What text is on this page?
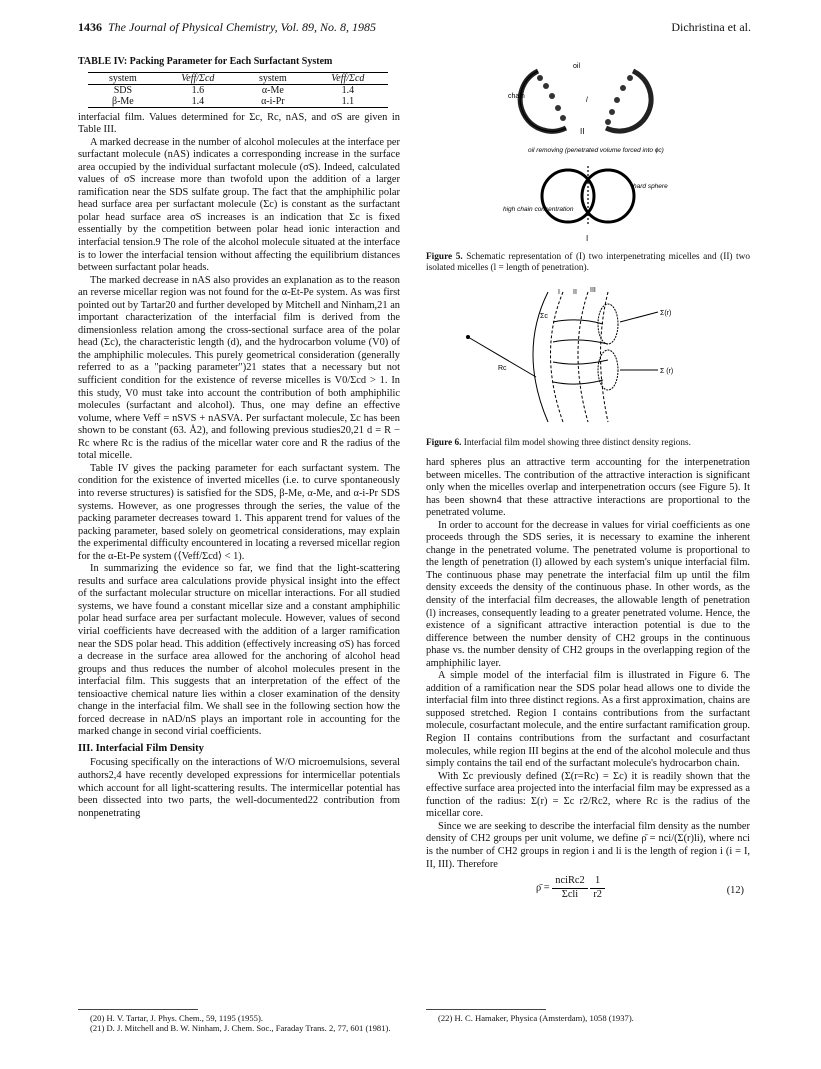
1436 The Journal of Physical Chemistry, Vol. 89, No. 8, 1985	Dichristina et al.
TABLE IV: Packing Parameter for Each Surfactant System
system	Veff/Σcd	system	Veff/Σcd
SDS	1.6	α-Me	1.4
β-Me	1.4	α-i-Pr	1.1

interfacial film. Values determined for Σc, Rc, nAS, and σS are given in Table III.

A marked decrease in the number of alcohol molecules at the interface per surfactant molecule (nAS) indicates a corresponding increase in the surface area occupied by the individual surfactant molecule (σS). Indeed, calculated values of σS increase more than twofold upon the addition of a larger ramification near the SDS sulfate group. The fact that the amphiphilic polar head surface area per surfactant molecule (Σc) is constant as the surfactant polar head surface area σS increases is an indication that Σc is fixed essentially by the competition between polar head ionic interaction and interfacial tension.9 The role of the alcohol molecule situated at the interface is to lower the interfacial tension without affecting the equilibrium distances between surfactant polar heads.

The marked decrease in nAS also provides an explanation as to the reason an reverse micellar region was not found for the α-Et-Pe system. As was first pointed out by Tartar20 and further developed by Mitchell and Ninham,21 an important characterization of the interfacial film is derived from the dimensionless relation among the cross-sectional surface area of the polar head (Σc), the characteristic length (d), and the hydrocarbon volume (V0) of the amphiphilic molecules. This purely geometrical consideration (generally referred to as a "packing parameter")21 states that a necessary but not sufficient condition for the existence of reverse micelles is V0/Σcd > 1. In this study, V0 must take into account the contribution of both amphiphilic molecules (surfactant and alcohol). Thus, one may define an effective volume, where Veff = nSVS + nASVA. Per surfactant molecule, Σc has been shown to be constant (63. Å2), and following previous studies20,21 d = R − Rc where Rc is the radius of the micellar water core and R the radius of the total micelle.

Table IV gives the packing parameter for each surfactant system. The condition for the existence of inverted micelles (i.e. to curve spontaneously into reverse structures) is satisfied for the SDS, β-Me, α-Me, and α-i-Pr SDS systems. However, as one progresses through the series, the value of the packing parameter decreases toward 1. This apparent trend for values of the packing parameter, based solely on geometrical considerations, may explain the experimental difficulty encountered in locating a reversed micellar region for the α-Et-Pe system (⟨Veff/Σcd⟩ < 1).

In summarizing the evidence so far, we find that the light-scattering results and surface area calculations provide physical insight into the effect of the surfactant molecular structure on micellar interactions. For all studied systems, we have found a constant micellar size and a constant amphiphilic polar head surface area per surfactant molecule. However, values of second virial coefficients have decreased with the addition of a larger ramification near the SDS polar head. This addition (effectively increasing σS) has forced a decrease in the surface area allowed for the anchoring of alcohol head groups and thus reduces the number of alcohol molecules present in the interfacial film. This suggests that an interpretation of the effect of the tensioactive chemical nature lies within a closer examination of the density change in the interfacial film. We shall see in the following section how the forced decrease in nAD/nS plays an important role in accounting for the marked change in second virial coefficients.

III. Interfacial Film Density

Focusing specifically on the interactions of W/O microemulsions, several authors2,4 have recently developed expressions for intermicellar potentials which account for all light-scattering results. The intermicellar potential has been dissected into two parts, the well-documented22 contribution from nonpenetrating

(20) H. V. Tartar, J. Phys. Chem., 59, 1195 (1955).
(21) D. J. Mitchell and B. W. Ninham, J. Chem. Soc., Faraday Trans. 2, 77, 601 (1981).
oil
chain
l
II
oil removing (penetrated volume forced into ϕc)
hard sphere
high chain concentration
I

Figure 5. Schematic representation of (I) two interpenetrating micelles and (II) two isolated micelles (l = length of penetration).

I II III
Σ(r)
Σ (r)
Σc
Rc

Figure 6. Interfacial film model showing three distinct density regions.

hard spheres plus an attractive term accounting for the interpenetration between micelles. The contribution of the attractive interaction is significant only when the micelles overlap and interpenetration occurs (see Figure 5). It has been shown4 that these attractive interactions are proportional to the penetrated volume.

In order to account for the decrease in values for virial coefficients as one proceeds through the SDS series, it is necessary to examine the inherent change in the penetrated volume. The penetrated volume is proportional to the length of penetration (l) allowed by each system's unique interfacial film. The continuous phase may penetrate the interfacial film up until the film density exceeds the density of the continuous phase. In other words, as the density of the interfacial film decreases, the allowable length of penetration (l) increases, consequently leading to a greater penetrated volume. Hence, the existence of a significant attractive interaction potential is due to the difference between the number density of CH2 groups in the continuous phase vs. the number density of CH2 groups in the overlapping region of the amphiphilic layer.

A simple model of the interfacial film is illustrated in Figure 6. The addition of a ramification near the SDS polar head allows one to divide the interfacial film into three distinct regions. As a first approximation, chains are supposed stretched. Region I contains contributions from the surfactant molecule, cosurfactant molecule, and the entire surfactant ramification group. Region II contains contributions from the surfactant and cosurfactant molecules, while region III begins at the end of the alcohol molecule and thus simply contains the tail end of the surfactant molecule's hydrocarbon chain.

With Σc previously defined (Σ(r=Rc) = Σc) it is readily shown that the effective surface area projected into the interfacial film may be expressed as a function of the radius: Σ(r) = Σc r2/Rc2, where Rc is the radius of the micellar core.

Since we are seeking to describe the interfacial film density as the number density of CH2 groups per unit volume, we define ρ̄ = nci/(Σ(r)li), where nci is the number of CH2 groups in region i and li is the length of region i (i = I, II, III). Therefore

ρ̄ = $\frac{\text{nciRc2}}{\text{Σcli}}$
$\frac{1}{r2}$	(12)
(22) H. C. Hamaker, Physica (Amsterdam), 1058 (1937).
